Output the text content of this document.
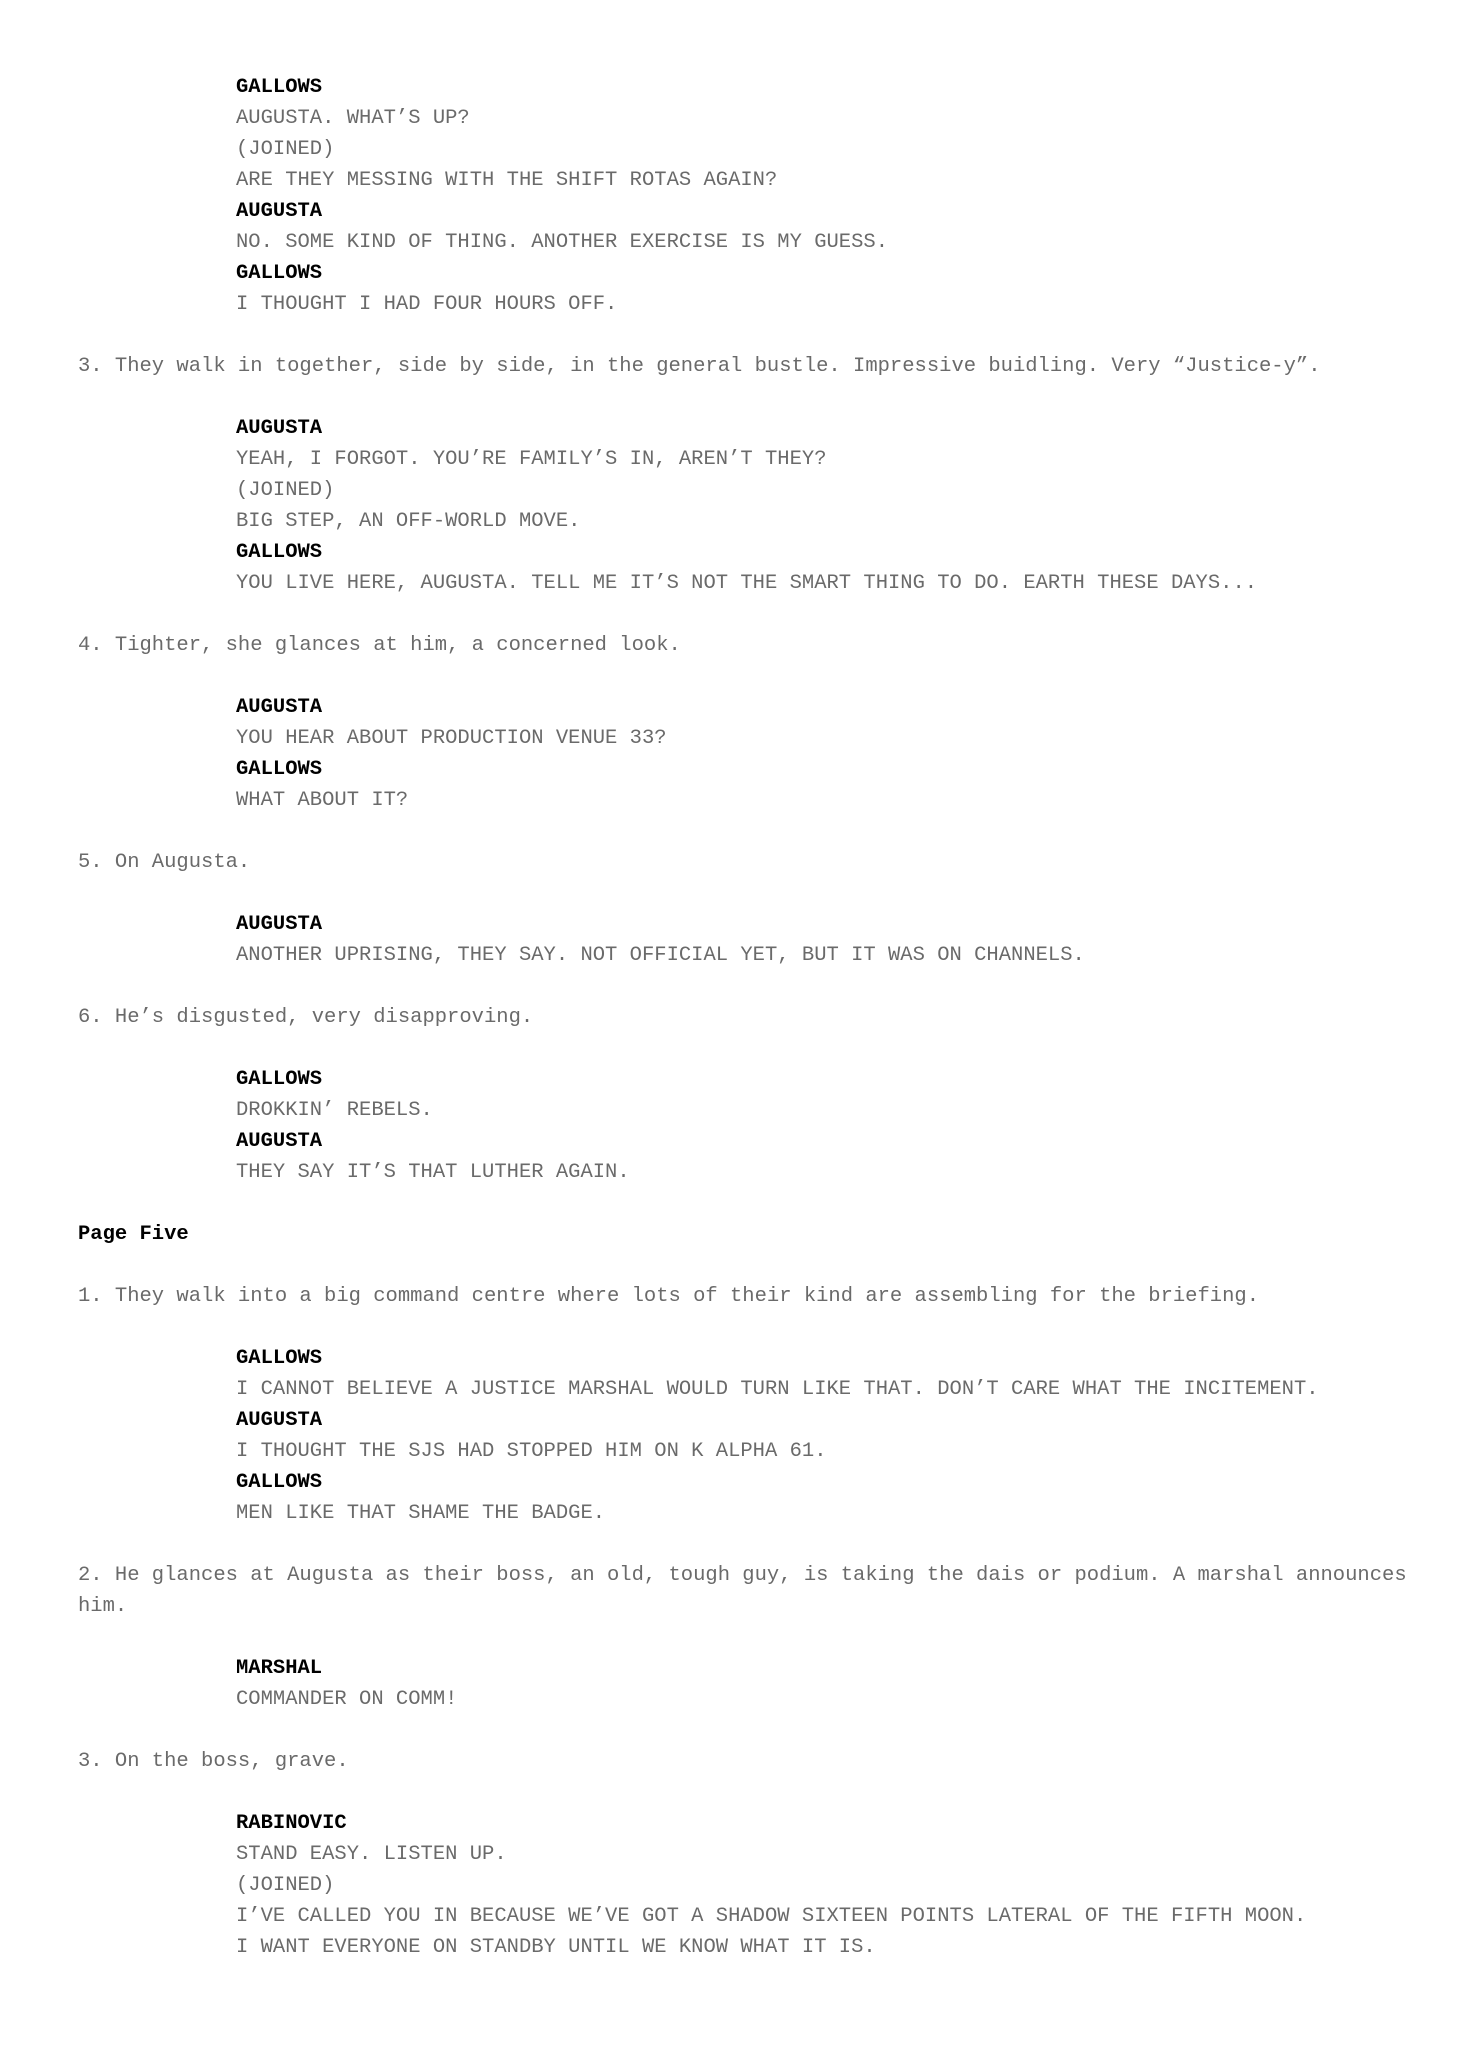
GALLOWS
AUGUSTA. WHAT’S UP?
(JOINED)
ARE THEY MESSING WITH THE SHIFT ROTAS AGAIN?
AUGUSTA
NO. SOME KIND OF THING. ANOTHER EXERCISE IS MY GUESS.
GALLOWS
I THOUGHT I HAD FOUR HOURS OFF.
3. They walk in together, side by side, in the general bustle. Impressive buidling. Very “Justice-y”.
AUGUSTA
YEAH, I FORGOT. YOU’RE FAMILY’S IN, AREN’T THEY?
(JOINED)
BIG STEP, AN OFF-WORLD MOVE.
GALLOWS
YOU LIVE HERE, AUGUSTA. TELL ME IT’S NOT THE SMART THING TO DO. EARTH THESE DAYS...
4. Tighter, she glances at him, a concerned look.
AUGUSTA
YOU HEAR ABOUT PRODUCTION VENUE 33?
GALLOWS
WHAT ABOUT IT?
5. On Augusta.
AUGUSTA
ANOTHER UPRISING, THEY SAY. NOT OFFICIAL YET, BUT IT WAS ON CHANNELS.
6. He’s disgusted, very disapproving.
GALLOWS
DROKKIN’ REBELS.
AUGUSTA
THEY SAY IT’S THAT LUTHER AGAIN.
Page Five
1. They walk into a big command centre where lots of their kind are assembling for the briefing.
GALLOWS
I CANNOT BELIEVE A JUSTICE MARSHAL WOULD TURN LIKE THAT. DON’T CARE WHAT THE INCITEMENT.
AUGUSTA
I THOUGHT THE SJS HAD STOPPED HIM ON K ALPHA 61.
GALLOWS
MEN LIKE THAT SHAME THE BADGE.
2. He glances at Augusta as their boss, an old, tough guy, is taking the dais or podium. A marshal announces him.
MARSHAL
COMMANDER ON COMM!
3. On the boss, grave.
RABINOVIC
STAND EASY. LISTEN UP.
(JOINED)
I’VE CALLED YOU IN BECAUSE WE’VE GOT A SHADOW SIXTEEN POINTS LATERAL OF THE FIFTH MOON.
I WANT EVERYONE ON STANDBY UNTIL WE KNOW WHAT IT IS.
